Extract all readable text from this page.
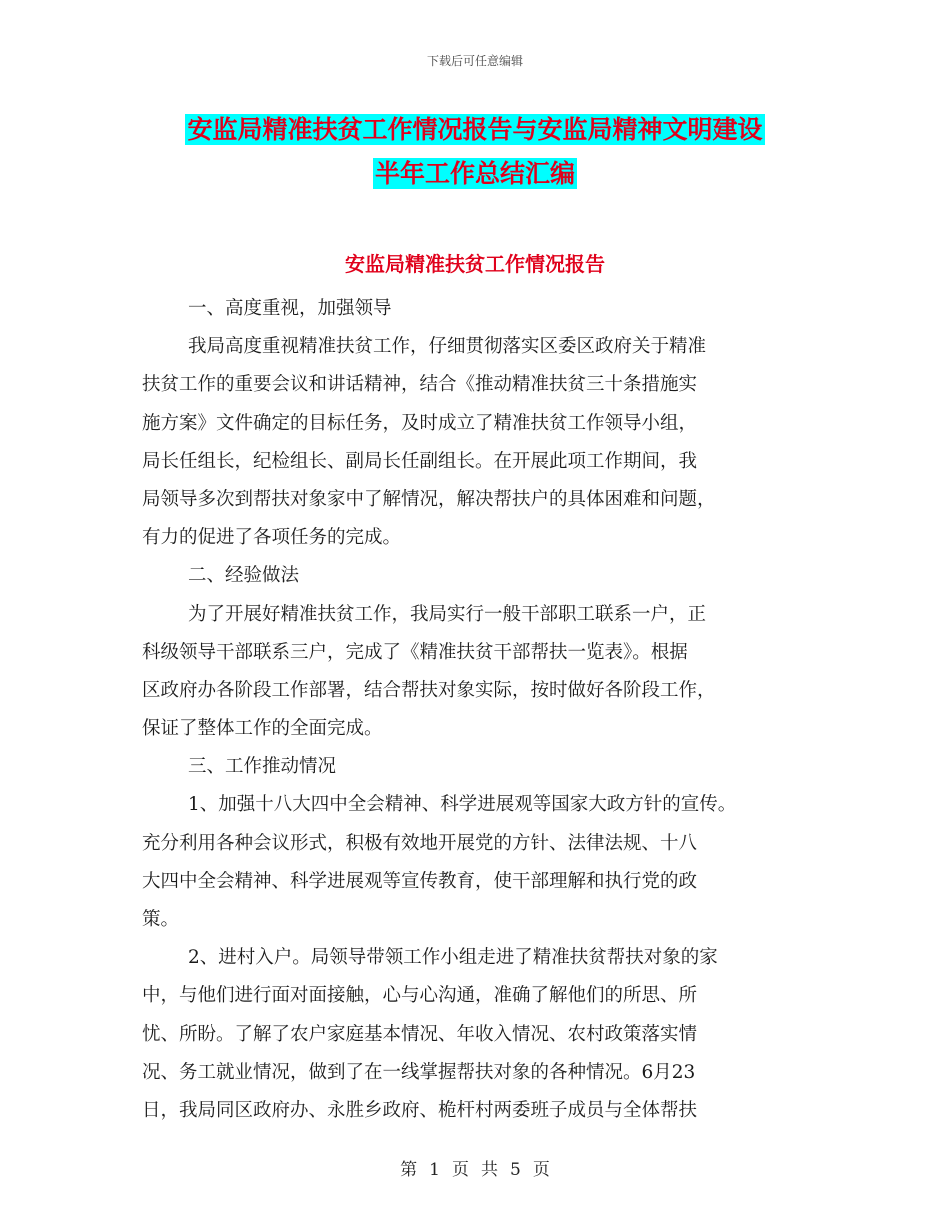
下载后可任意编辑
安监局精准扶贫工作情况报告与安监局精神文明建设
半年工作总结汇编
安监局精准扶贫工作情况报告
一、高度重视，加强领导
我局高度重视精准扶贫工作，仔细贯彻落实区委区政府关于精准
扶贫工作的重要会议和讲话精神，结合《推动精准扶贫三十条措施实
施方案》文件确定的目标任务，及时成立了精准扶贫工作领导小组，
局长任组长，纪检组长、副局长任副组长。在开展此项工作期间，我
局领导多次到帮扶对象家中了解情况，解决帮扶户的具体困难和问题，
有力的促进了各项任务的完成。
二、经验做法
为了开展好精准扶贫工作，我局实行一般干部职工联系一户，正
科级领导干部联系三户，完成了《精准扶贫干部帮扶一览表》。根据
区政府办各阶段工作部署，结合帮扶对象实际，按时做好各阶段工作，
保证了整体工作的全面完成。
三、工作推动情况
1、加强十八大四中全会精神、科学进展观等国家大政方针的宣传。
充分利用各种会议形式，积极有效地开展党的方针、法律法规、十八
大四中全会精神、科学进展观等宣传教育，使干部理解和执行党的政
策。
2、进村入户。局领导带领工作小组走进了精准扶贫帮扶对象的家
中，与他们进行面对面接触，心与心沟通，准确了解他们的所思、所
忧、所盼。了解了农户家庭基本情况、年收入情况、农村政策落实情
况、务工就业情况，做到了在一线掌握帮扶对象的各种情况。6月23
日，我局同区政府办、永胜乡政府、桅杆村两委班子成员与全体帮扶
第 1 页 共 5 页
